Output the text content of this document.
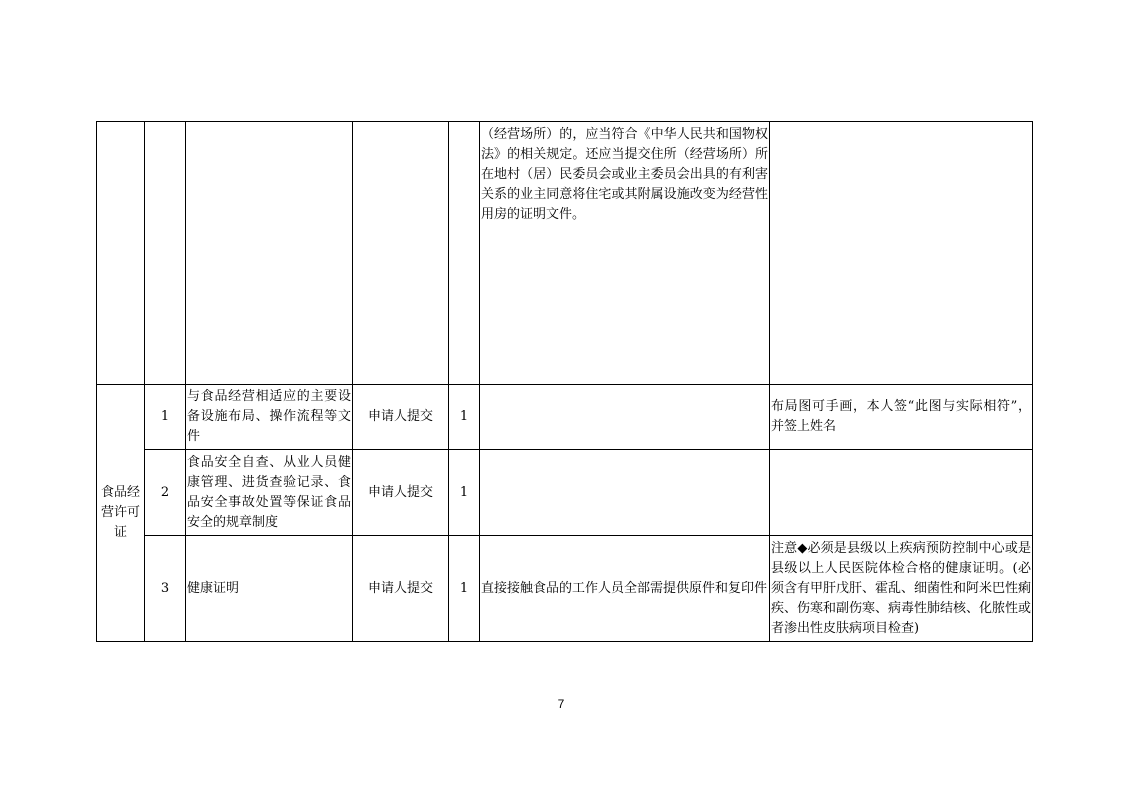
					（经营场所）的，应当符合《中华人民共和国物权法》的相关规定。还应当提交住所（经营场所）所在地村（居）民委员会或业主委员会出具的有利害关系的业主同意将住宅或其附属设施改变为经营性用房的证明文件。	
食品经营许可证	1	与食品经营相适应的主要设备设施布局、操作流程等文件	申请人提交	1		布局图可手画，本人签“此图与实际相符”，并签上姓名
	2	食品安全自查、从业人员健康管理、进货查验记录、食品安全事故处置等保证食品安全的规章制度	申请人提交	1		
	3	健康证明	申请人提交	1	直接接触食品的工作人员全部需提供原件和复印件	注意◆必须是县级以上疾病预防控制中心或是县级以上人民医院体检合格的健康证明。(必须含有甲肝戊肝、霍乱、细菌性和阿米巴性痢疾、伤寒和副伤寒、病毒性肺结核、化脓性或者渗出性皮肤病项目检查)
7
